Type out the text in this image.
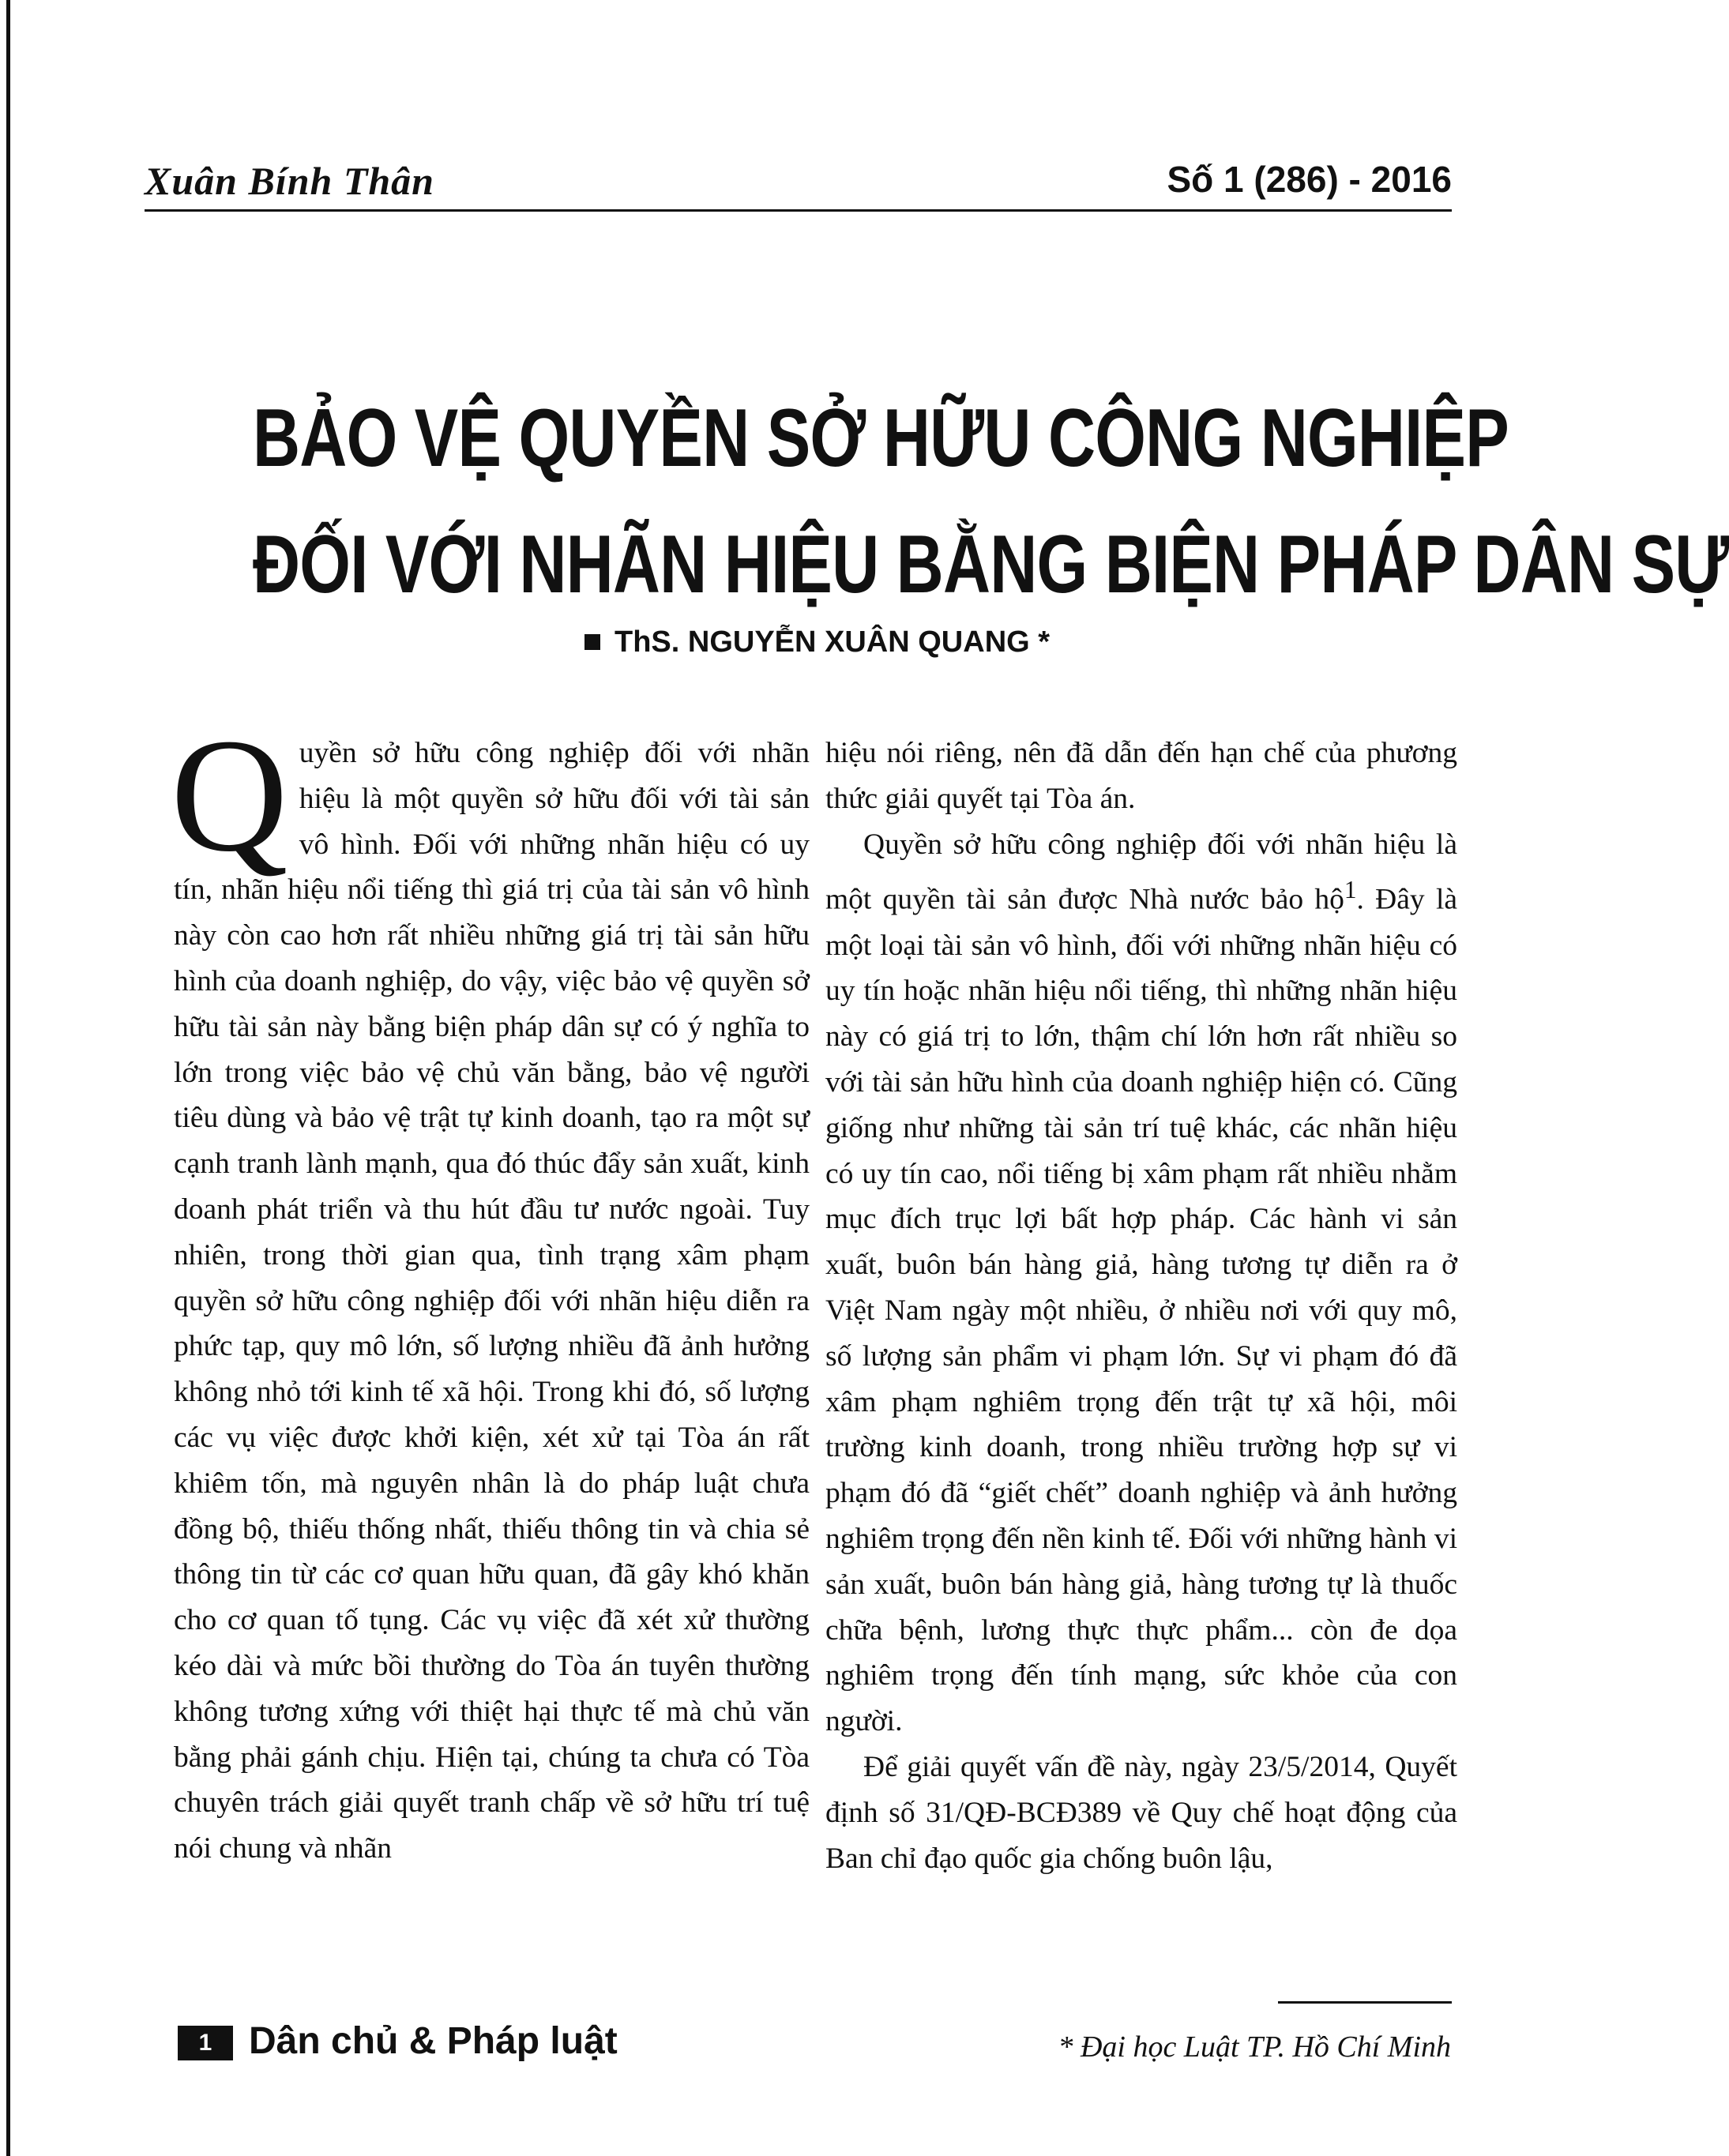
Xuân Bính Thân	Số 1 (286) - 2016
BẢO VỆ QUYỀN SỞ HỮU CÔNG NGHIỆP
ĐỐI VỚI NHÃN HIỆU BẰNG BIỆN PHÁP DÂN SỰ
ThS. NGUYỄN XUÂN QUANG *

Quyền sở hữu công nghiệp đối với nhãn hiệu là một quyền sở hữu đối với tài sản vô hình. Đối với những nhãn hiệu có uy tín, nhãn hiệu nổi tiếng thì giá trị của tài sản vô hình này còn cao hơn rất nhiều những giá trị tài sản hữu hình của doanh nghiệp, do vậy, việc bảo vệ quyền sở hữu tài sản này bằng biện pháp dân sự có ý nghĩa to lớn trong việc bảo vệ chủ văn bằng, bảo vệ người tiêu dùng và bảo vệ trật tự kinh doanh, tạo ra một sự cạnh tranh lành mạnh, qua đó thúc đẩy sản xuất, kinh doanh phát triển và thu hút đầu tư nước ngoài. Tuy nhiên, trong thời gian qua, tình trạng xâm phạm quyền sở hữu công nghiệp đối với nhãn hiệu diễn ra phức tạp, quy mô lớn, số lượng nhiều đã ảnh hưởng không nhỏ tới kinh tế xã hội. Trong khi đó, số lượng các vụ việc được khởi kiện, xét xử tại Tòa án rất khiêm tốn, mà nguyên nhân là do pháp luật chưa đồng bộ, thiếu thống nhất, thiếu thông tin và chia sẻ thông tin từ các cơ quan hữu quan, đã gây khó khăn cho cơ quan tố tụng. Các vụ việc đã xét xử thường kéo dài và mức bồi thường do Tòa án tuyên thường không tương xứng với thiệt hại thực tế mà chủ văn bằng phải gánh chịu. Hiện tại, chúng ta chưa có Tòa chuyên trách giải quyết tranh chấp về sở hữu trí tuệ nói chung và nhãn

hiệu nói riêng, nên đã dẫn đến hạn chế của phương thức giải quyết tại Tòa án.

Quyền sở hữu công nghiệp đối với nhãn hiệu là một quyền tài sản được Nhà nước bảo hộ$^1$. Đây là một loại tài sản vô hình, đối với những nhãn hiệu có uy tín hoặc nhãn hiệu nổi tiếng, thì những nhãn hiệu này có giá trị to lớn, thậm chí lớn hơn rất nhiều so với tài sản hữu hình của doanh nghiệp hiện có. Cũng giống như những tài sản trí tuệ khác, các nhãn hiệu có uy tín cao, nổi tiếng bị xâm phạm rất nhiều nhằm mục đích trục lợi bất hợp pháp. Các hành vi sản xuất, buôn bán hàng giả, hàng tương tự diễn ra ở Việt Nam ngày một nhiều, ở nhiều nơi với quy mô, số lượng sản phẩm vi phạm lớn. Sự vi phạm đó đã xâm phạm nghiêm trọng đến trật tự xã hội, môi trường kinh doanh, trong nhiều trường hợp sự vi phạm đó đã “giết chết” doanh nghiệp và ảnh hưởng nghiêm trọng đến nền kinh tế. Đối với những hành vi sản xuất, buôn bán hàng giả, hàng tương tự là thuốc chữa bệnh, lương thực thực phẩm... còn đe dọa nghiêm trọng đến tính mạng, sức khỏe của con người.

Để giải quyết vấn đề này, ngày 23/5/2014, Quyết định số 31/QĐ-BCĐ389 về Quy chế hoạt động của Ban chỉ đạo quốc gia chống buôn lậu,

1 Dân chủ & Pháp luật	* Đại học Luật TP. Hồ Chí Minh
